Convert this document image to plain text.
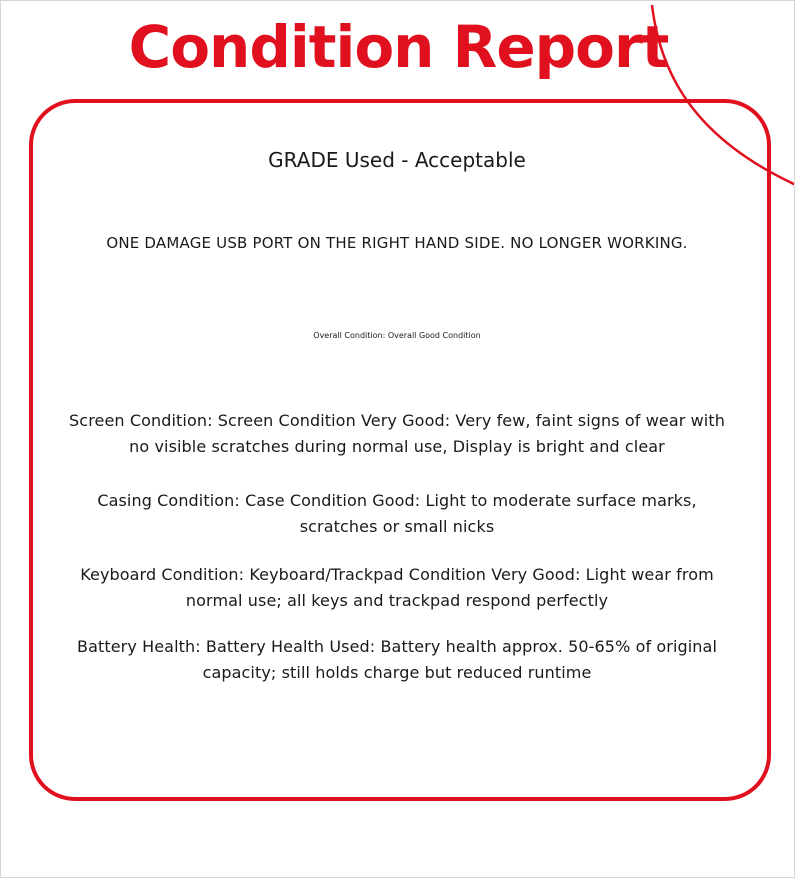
Condition Report
GRADE Used - Acceptable
ONE DAMAGE USB PORT ON THE RIGHT HAND SIDE. NO LONGER WORKING.
Overall Condition: Overall Good Condition
Screen Condition: Screen Condition Very Good: Very few, faint signs of wear with no visible scratches during normal use, Display is bright and clear
Casing Condition: Case Condition Good: Light to moderate surface marks, scratches or small nicks
Keyboard Condition: Keyboard/Trackpad Condition Very Good: Light wear from normal use; all keys and trackpad respond perfectly
Battery Health: Battery Health Used: Battery health approx. 50-65% of original capacity; still holds charge but reduced runtime
